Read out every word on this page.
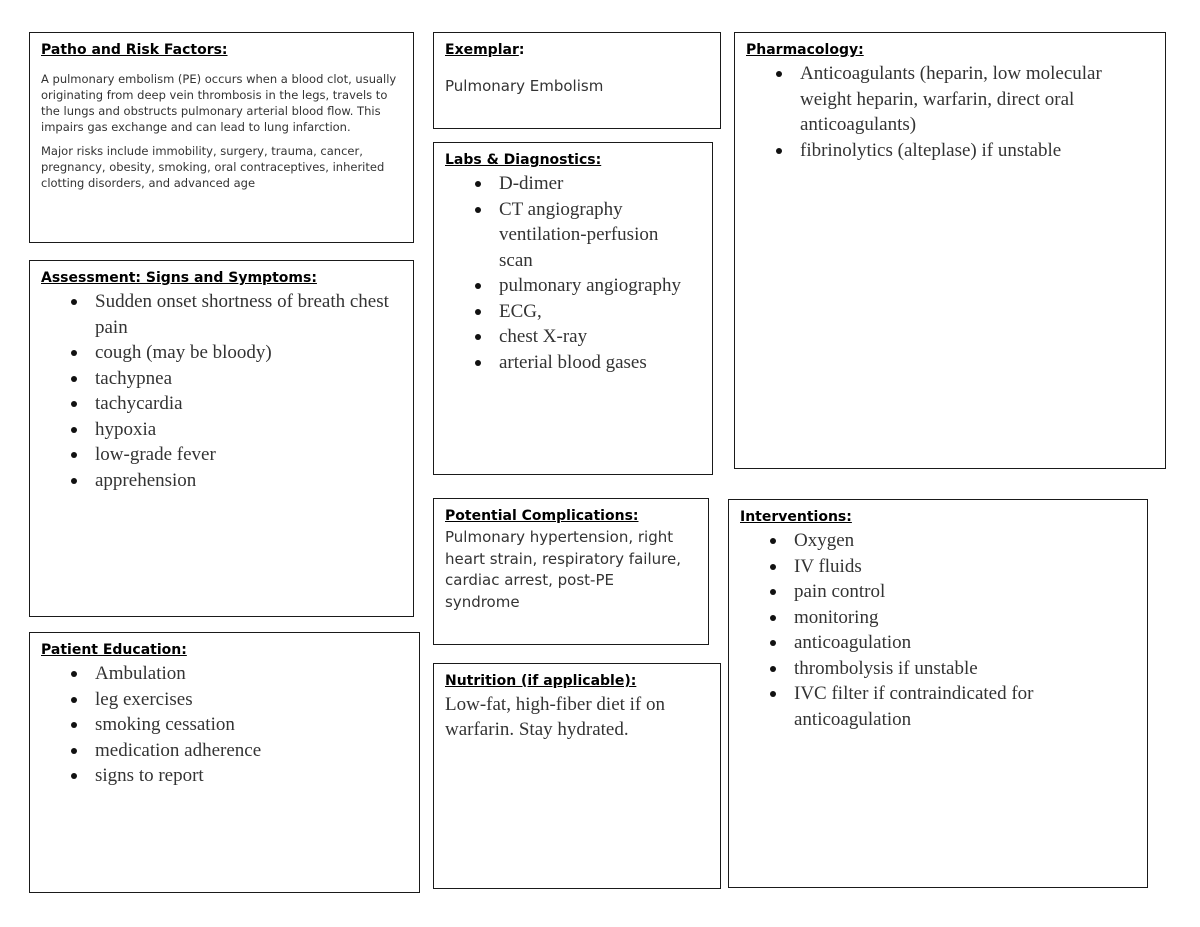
Patho and Risk Factors:

A pulmonary embolism (PE) occurs when a blood clot, usually originating from deep vein thrombosis in the legs, travels to the lungs and obstructs pulmonary arterial blood flow. This impairs gas exchange and can lead to lung infarction.

Major risks include immobility, surgery, trauma, cancer, pregnancy, obesity, smoking, oral contraceptives, inherited clotting disorders, and advanced age

Exemplar:
Pulmonary Embolism
Pharmacology:
Anticoagulants (heparin, low molecular weight heparin, warfarin, direct oral anticoagulants)
fibrinolytics (alteplase) if unstable
Labs & Diagnostics:
D-dimer
CT angiography ventilation-perfusion scan
pulmonary angiography
ECG,
chest X-ray
arterial blood gases
Assessment: Signs and Symptoms:
Sudden onset shortness of breath chest pain
cough (may be bloody)
tachypnea
tachycardia
hypoxia
low-grade fever
apprehension
Potential Complications:
Pulmonary hypertension, right heart strain, respiratory failure, cardiac arrest, post-PE syndrome
Interventions:
Oxygen
IV fluids
pain control
monitoring
anticoagulation
thrombolysis if unstable
IVC filter if contraindicated for anticoagulation
Patient Education:
Ambulation
leg exercises
smoking cessation
medication adherence
signs to report
Nutrition (if applicable):
Low-fat, high-fiber diet if on warfarin. Stay hydrated.
